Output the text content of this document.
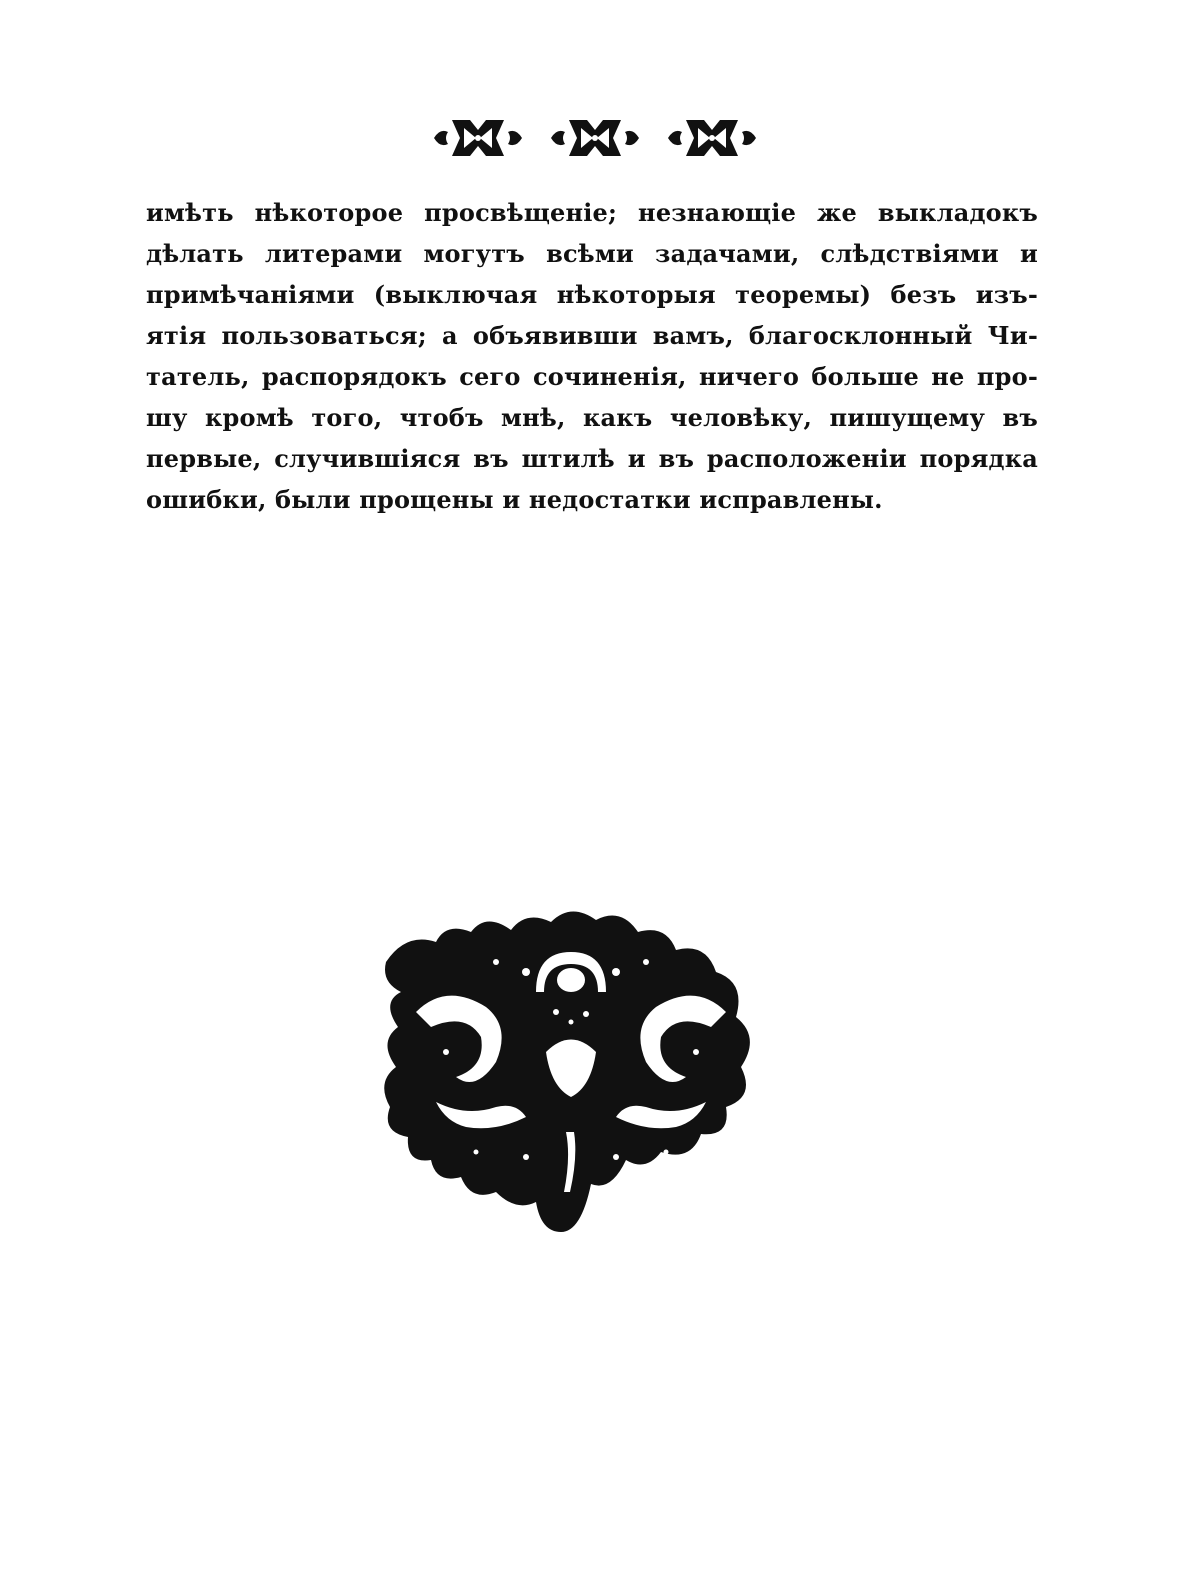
имѣть нѣкоторое просвѣщеніе; незнающіе же выкладокъ
дѣлать литерами могутъ всѣми задачами, слѣдствіями и
примѣчаніями (выключая нѣкоторыя теоремы) безъ изъ-
ятія пользоваться; а объявивши вамъ, благосклонный Чи-
татель, распорядокъ сего сочиненія, ничего больше не про-
шу кромѣ того, чтобъ мнѣ, какъ человѣку, пишущему въ
первые, случившіяся въ штилѣ и въ расположеніи порядка
ошибки, были прощены и недостатки исправлены.
